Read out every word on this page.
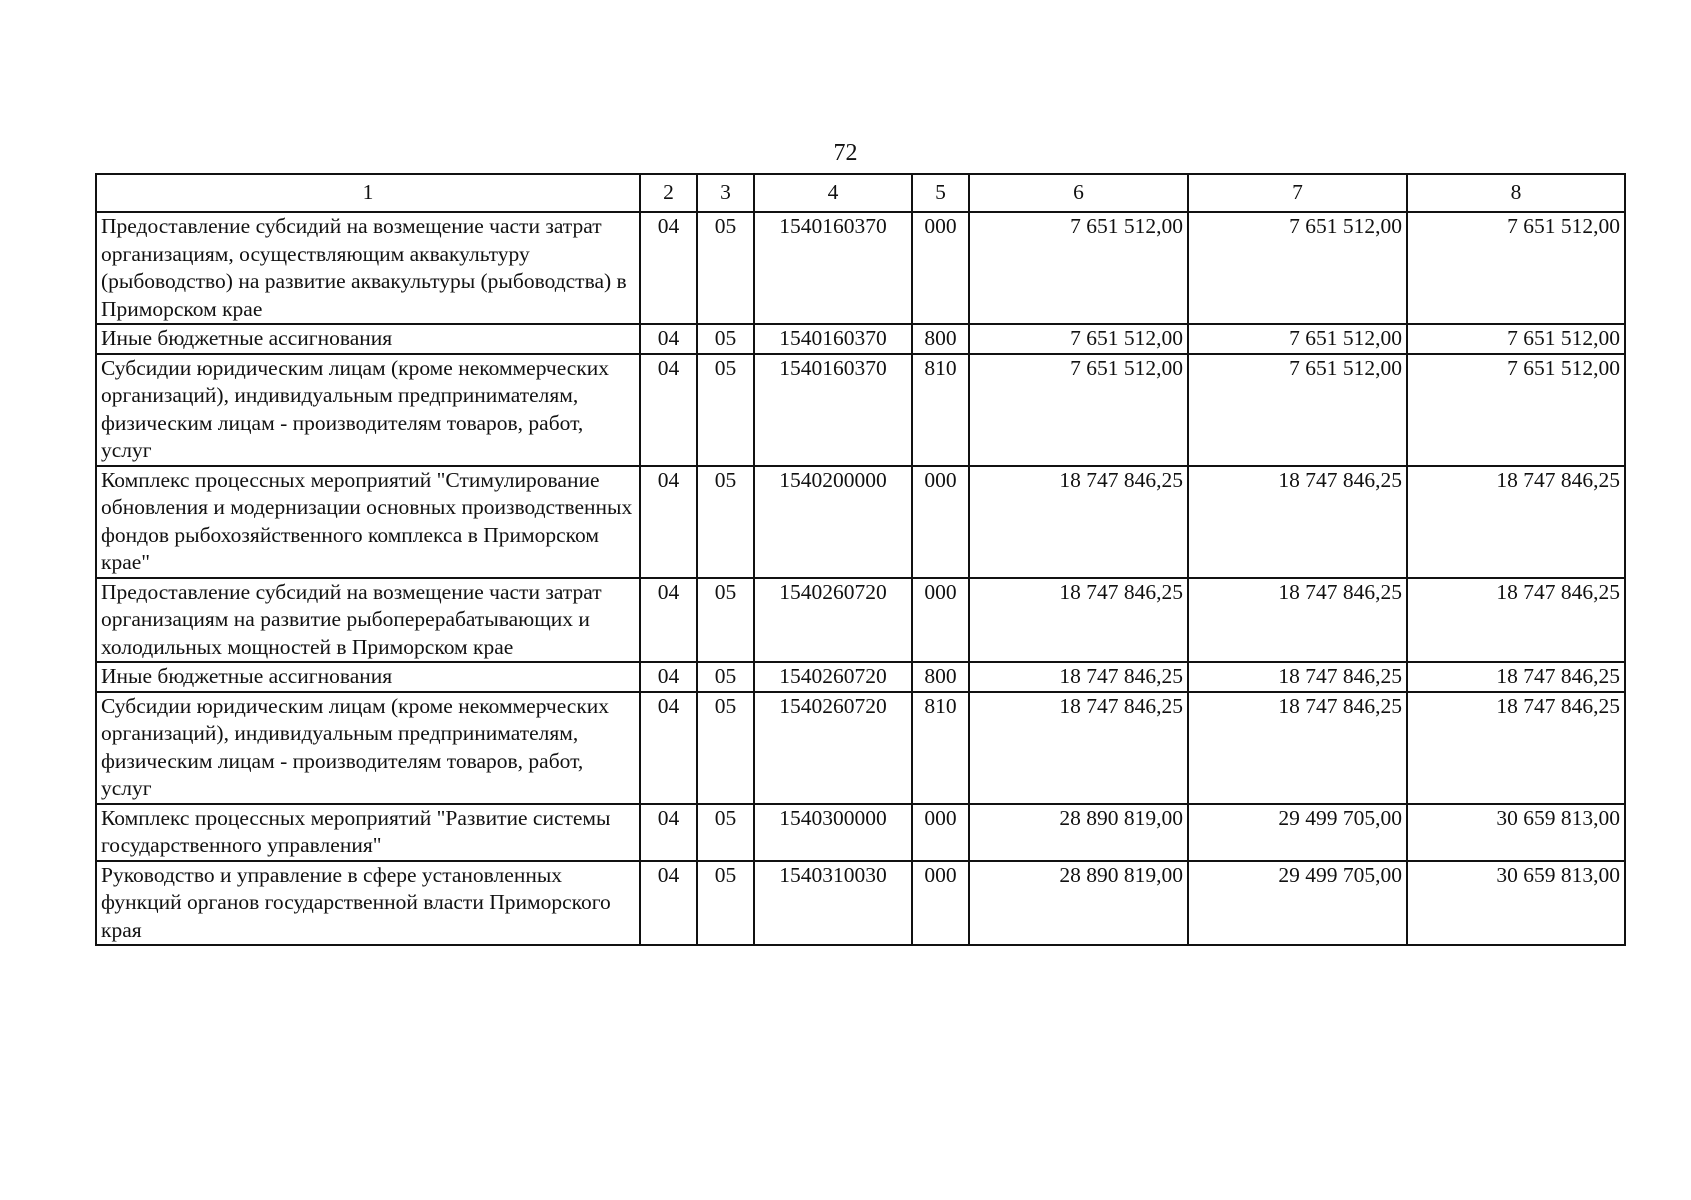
72
1	2	3	4	5	6	7	8
Предоставление субсидий на возмещение части затрат организациям, осуществляющим аквакультуру (рыбоводство) на развитие аквакультуры (рыбоводства) в Приморском крае	04	05	1540160370	000	7 651 512,00	7 651 512,00	7 651 512,00
Иные бюджетные ассигнования	04	05	1540160370	800	7 651 512,00	7 651 512,00	7 651 512,00
Субсидии юридическим лицам (кроме некоммерческих организаций), индивидуальным предпринимателям, физическим лицам - производителям товаров, работ, услуг	04	05	1540160370	810	7 651 512,00	7 651 512,00	7 651 512,00
Комплекс процессных мероприятий "Стимулирование обновления и модернизации основных производственных фондов рыбохозяйственного комплекса в Приморском крае"	04	05	1540200000	000	18 747 846,25	18 747 846,25	18 747 846,25
Предоставление субсидий на возмещение части затрат организациям на развитие рыбоперерабатывающих и холодильных мощностей в Приморском крае	04	05	1540260720	000	18 747 846,25	18 747 846,25	18 747 846,25
Иные бюджетные ассигнования	04	05	1540260720	800	18 747 846,25	18 747 846,25	18 747 846,25
Субсидии юридическим лицам (кроме некоммерческих организаций), индивидуальным предпринимателям, физическим лицам - производителям товаров, работ, услуг	04	05	1540260720	810	18 747 846,25	18 747 846,25	18 747 846,25
Комплекс процессных мероприятий "Развитие системы государственного управления"	04	05	1540300000	000	28 890 819,00	29 499 705,00	30 659 813,00
Руководство и управление в сфере установленных функций органов государственной власти Приморского края	04	05	1540310030	000	28 890 819,00	29 499 705,00	30 659 813,00
